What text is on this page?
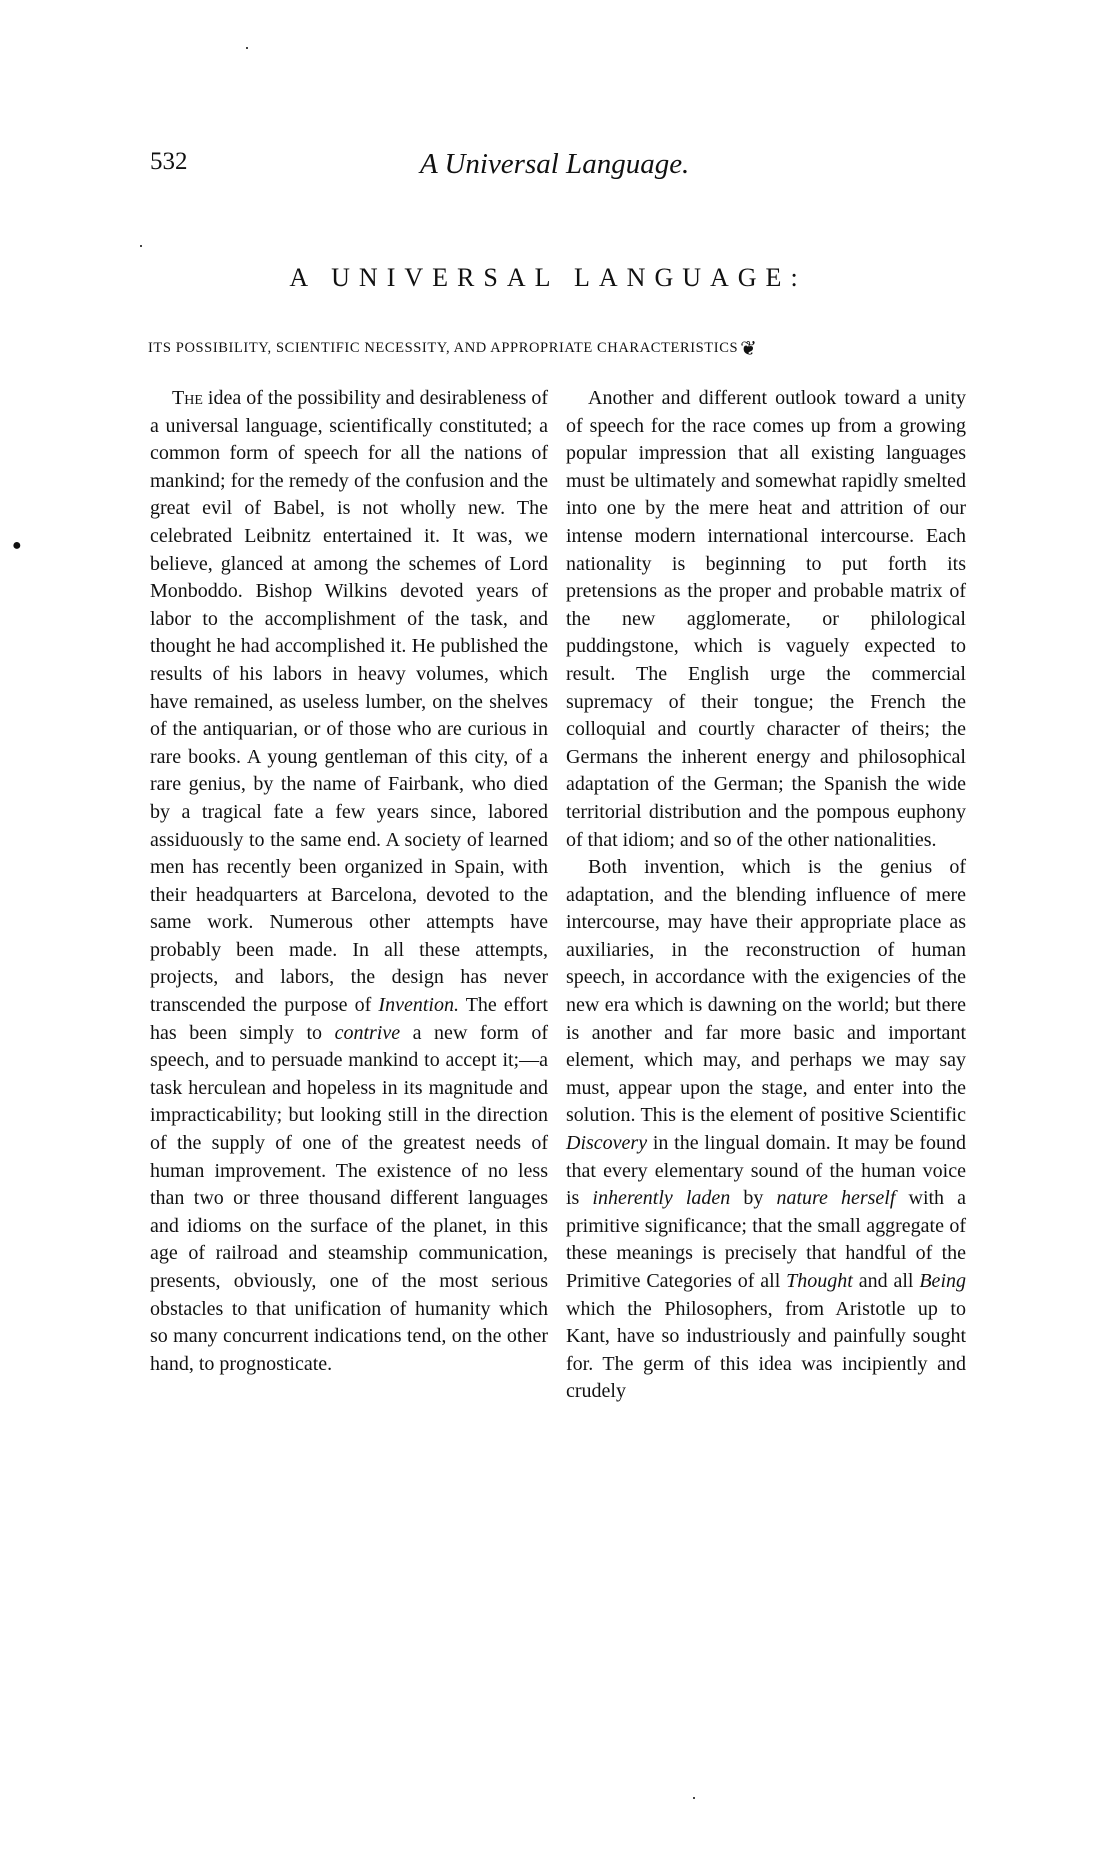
532	A Universal Language.
A UNIVERSAL LANGUAGE:
ITS POSSIBILITY, SCIENTIFIC NECESSITY, AND APPROPRIATE CHARACTERISTICS ❦
●

The idea of the possibility and desirableness of a universal language, scientifically constituted; a common form of speech for all the nations of mankind; for the remedy of the confusion and the great evil of Babel, is not wholly new. The celebrated Leibnitz entertained it. It was, we believe, glanced at among the schemes of Lord Monboddo. Bishop Wilkins devoted years of labor to the accomplishment of the task, and thought he had accomplished it. He published the results of his labors in heavy volumes, which have remained, as useless lumber, on the shelves of the antiquarian, or of those who are curious in rare books. A young gentleman of this city, of a rare genius, by the name of Fairbank, who died by a tragical fate a few years since, labored assiduously to the same end. A society of learned men has recently been organized in Spain, with their headquarters at Barcelona, devoted to the same work. Numerous other attempts have probably been made. In all these attempts, projects, and labors, the design has never transcended the purpose of Invention. The effort has been simply to contrive a new form of speech, and to persuade mankind to accept it;—a task herculean and hopeless in its magnitude and impracticability; but looking still in the direction of the supply of one of the greatest needs of human improvement. The existence of no less than two or three thousand different languages and idioms on the surface of the planet, in this age of railroad and steamship communication, presents, obviously, one of the most serious obstacles to that unification of humanity which so many concurrent indications tend, on the other hand, to prognosticate.

Another and different outlook toward a unity of speech for the race comes up from a growing popular impression that all existing languages must be ultimately and somewhat rapidly smelted into one by the mere heat and attrition of our intense modern international intercourse. Each nationality is beginning to put forth its pretensions as the proper and probable matrix of the new agglomerate, or philological puddingstone, which is vaguely expected to result. The English urge the commercial supremacy of their tongue; the French the colloquial and courtly character of theirs; the Germans the inherent energy and philosophical adaptation of the German; the Spanish the wide territorial distribution and the pompous euphony of that idiom; and so of the other nationalities.

Both invention, which is the genius of adaptation, and the blending influence of mere intercourse, may have their appropriate place as auxiliaries, in the reconstruction of human speech, in accordance with the exigencies of the new era which is dawning on the world; but there is another and far more basic and important element, which may, and perhaps we may say must, appear upon the stage, and enter into the solution. This is the element of positive Scientific Discovery in the lingual domain. It may be found that every elementary sound of the human voice is inherently laden by nature herself with a primitive significance; that the small aggregate of these meanings is precisely that handful of the Primitive Categories of all Thought and all Being which the Philosophers, from Aristotle up to Kant, have so industriously and painfully sought for. The germ of this idea was incipiently and crudely
